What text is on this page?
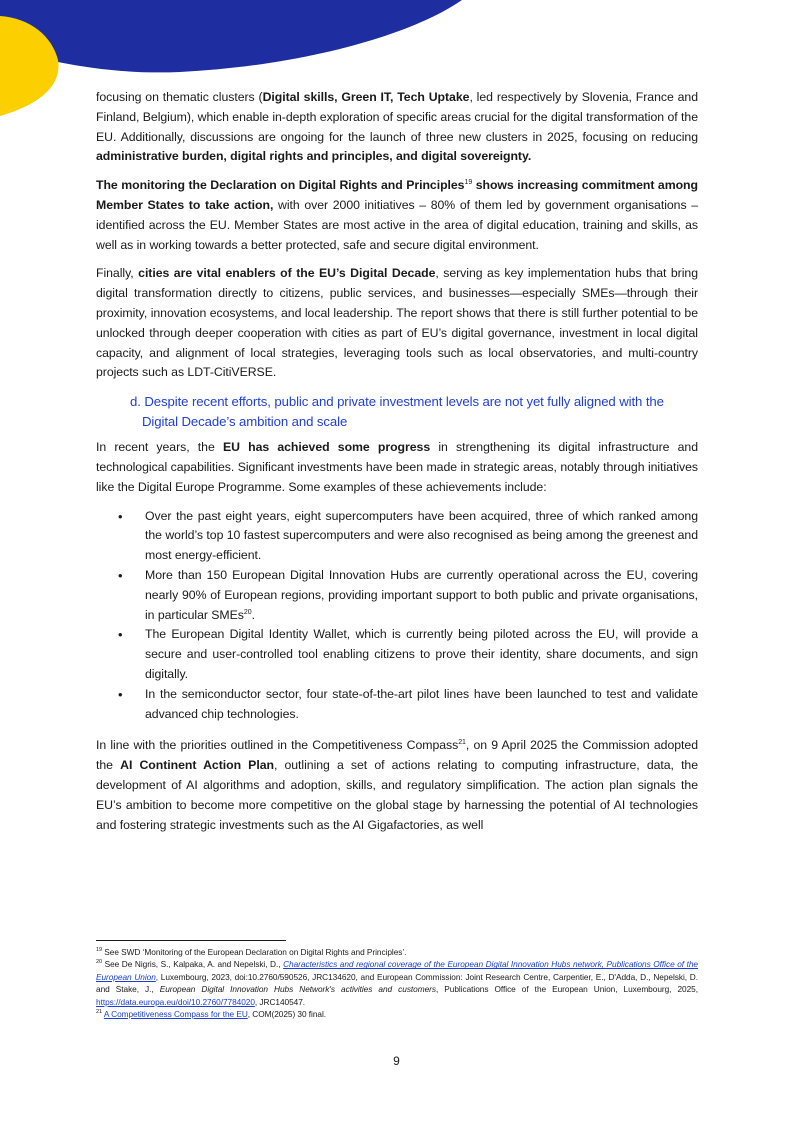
focusing on thematic clusters (Digital skills, Green IT, Tech Uptake, led respectively by Slovenia, France and Finland, Belgium), which enable in-depth exploration of specific areas crucial for the digital transformation of the EU. Additionally, discussions are ongoing for the launch of three new clusters in 2025, focusing on reducing administrative burden, digital rights and principles, and digital sovereignty.

The monitoring the Declaration on Digital Rights and Principles$^{19}$ shows increasing commitment among Member States to take action, with over 2000 initiatives – 80% of them led by government organisations – identified across the EU. Member States are most active in the area of digital education, training and skills, as well as in working towards a better protected, safe and secure digital environment.

Finally, cities are vital enablers of the EU’s Digital Decade, serving as key implementation hubs that bring digital transformation directly to citizens, public services, and businesses—especially SMEs—through their proximity, innovation ecosystems, and local leadership. The report shows that there is still further potential to be unlocked through deeper cooperation with cities as part of EU’s digital governance, investment in local digital capacity, and alignment of local strategies, leveraging tools such as local observatories, and multi-country projects such as LDT-CitiVERSE.

d. Despite recent efforts, public and private investment levels are not yet fully aligned with the Digital Decade’s ambition and scale

In recent years, the EU has achieved some progress in strengthening its digital infrastructure and technological capabilities. Significant investments have been made in strategic areas, notably through initiatives like the Digital Europe Programme. Some examples of these achievements include:

• Over the past eight years, eight supercomputers have been acquired, three of which ranked among the world’s top 10 fastest supercomputers and were also recognised as being among the greenest and most energy-efficient.
• More than 150 European Digital Innovation Hubs are currently operational across the EU, covering nearly 90% of European regions, providing important support to both public and private organisations, in particular SMEs$^{20}$.
• The European Digital Identity Wallet, which is currently being piloted across the EU, will provide a secure and user-controlled tool enabling citizens to prove their identity, share documents, and sign digitally.
• In the semiconductor sector, four state-of-the-art pilot lines have been launched to test and validate advanced chip technologies.

In line with the priorities outlined in the Competitiveness Compass$^{21}$, on 9 April 2025 the Commission adopted the AI Continent Action Plan, outlining a set of actions relating to computing infrastructure, data, the development of AI algorithms and adoption, skills, and regulatory simplification. The action plan signals the EU’s ambition to become more competitive on the global stage by harnessing the potential of AI technologies and fostering strategic investments such as the AI Gigafactories, as well

$^{19}$ See SWD ‘Monitoring of the European Declaration on Digital Rights and Principles’.

$^{20}$ See De Nigris, S., Kalpaka, A. and Nepelski, D., Characteristics and regional coverage of the European Digital Innovation Hubs network, Publications Office of the European Union, Luxembourg, 2023, doi:10.2760/590526, JRC134620, and European Commission: Joint Research Centre, Carpentier, E., D'Adda, D., Nepelski, D. and Stake, J., European Digital Innovation Hubs Network's activities and customers, Publications Office of the European Union, Luxembourg, 2025, https://data.europa.eu/doi/10.2760/7784020, JRC140547.

$^{21}$ A Competitiveness Compass for the EU, COM(2025) 30 final.

9
